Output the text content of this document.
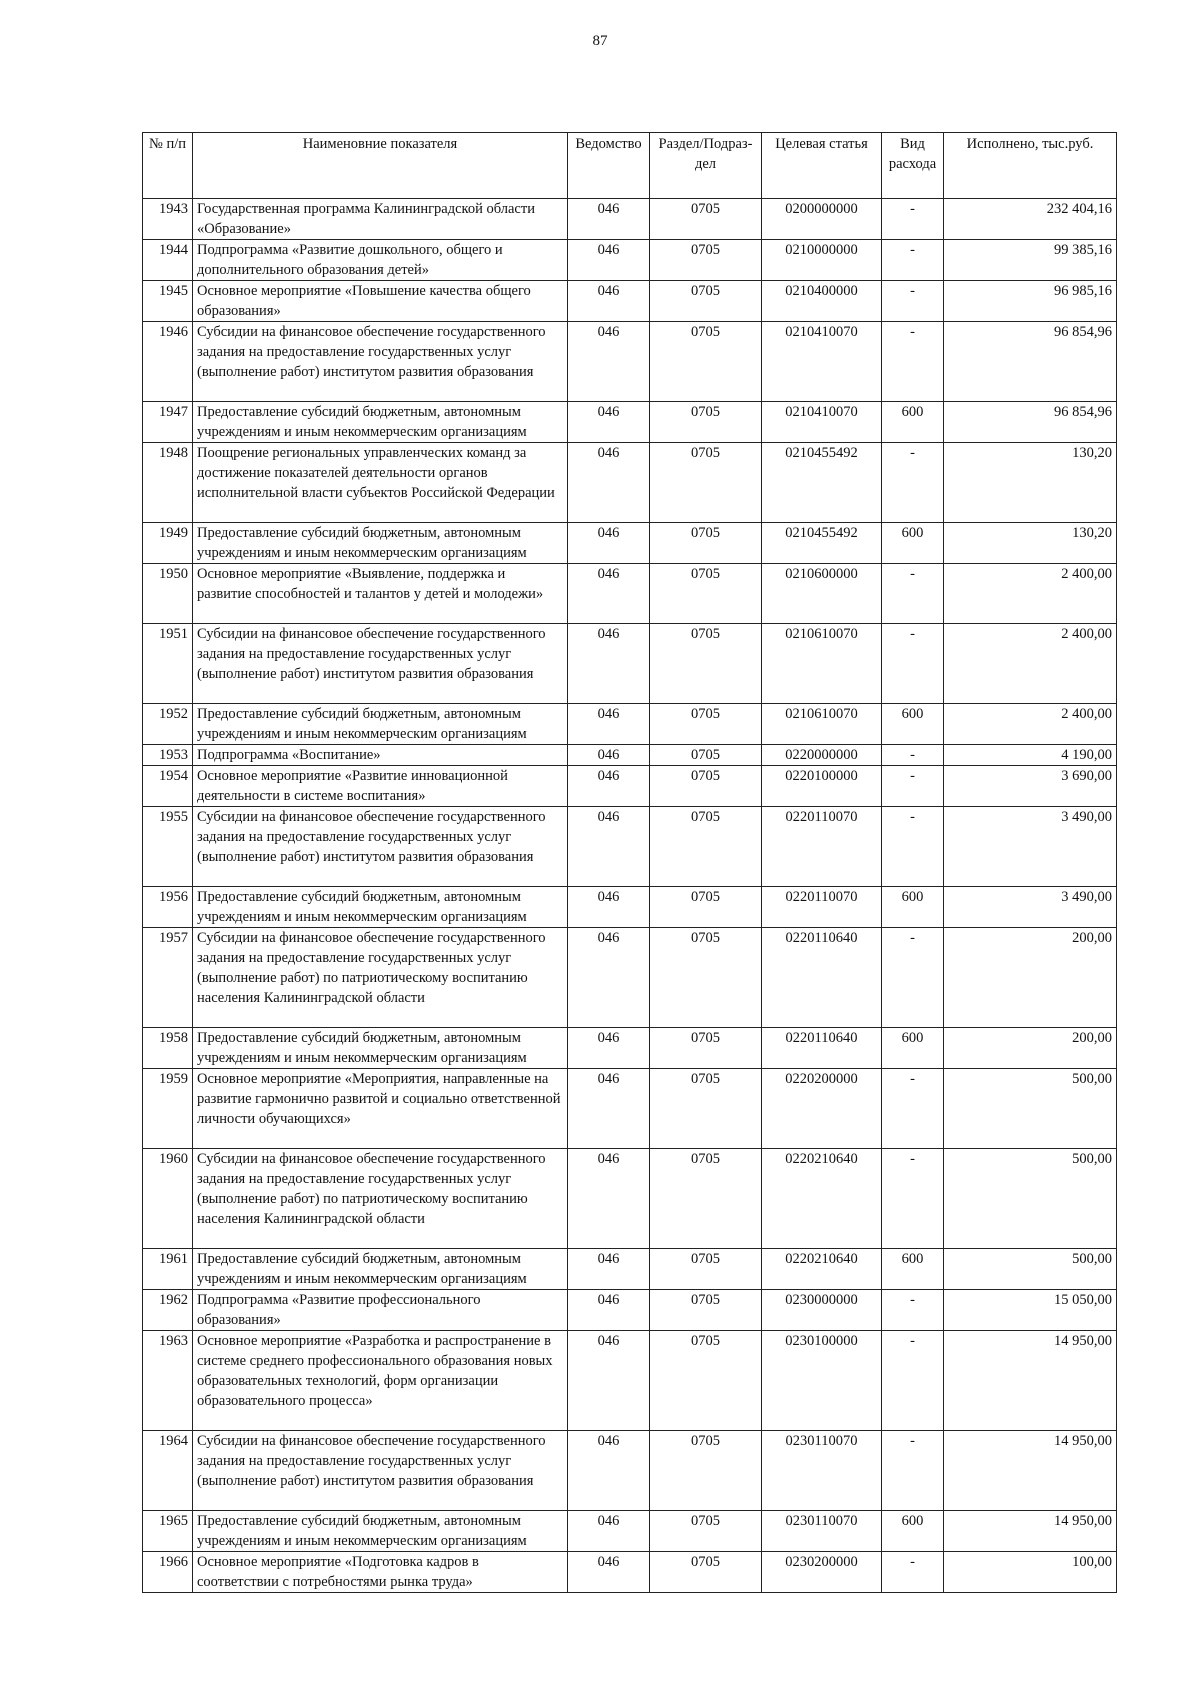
87
№ п/п	Наименовние показателя	Ведомство	Раздел/Подраз-дел	Целевая статья	Вид расхода	Исполнено, тыс.руб.
1943	Государственная программа Калининградской области «Образование»	046	0705	0200000000	-	232 404,16
1944	Подпрограмма «Развитие дошкольного, общего и дополнительного образования детей»	046	0705	0210000000	-	99 385,16
1945	Основное мероприятие «Повышение качества общего образования»	046	0705	0210400000	-	96 985,16
1946	Субсидии на финансовое обеспечение государственного задания на предоставление государственных услуг (выполнение работ) институтом развития образования	046	0705	0210410070	-	96 854,96
1947	Предоставление субсидий бюджетным, автономным учреждениям и иным некоммерческим организациям	046	0705	0210410070	600	96 854,96
1948	Поощрение региональных управленческих команд за достижение показателей деятельности органов исполнительной власти субъектов Российской Федерации	046	0705	0210455492	-	130,20
1949	Предоставление субсидий бюджетным, автономным учреждениям и иным некоммерческим организациям	046	0705	0210455492	600	130,20
1950	Основное мероприятие «Выявление, поддержка и развитие способностей и талантов у детей и молодежи»	046	0705	0210600000	-	2 400,00
1951	Субсидии на финансовое обеспечение государственного задания на предоставление государственных услуг (выполнение работ) институтом развития образования	046	0705	0210610070	-	2 400,00
1952	Предоставление субсидий бюджетным, автономным учреждениям и иным некоммерческим организациям	046	0705	0210610070	600	2 400,00
1953	Подпрограмма «Воспитание»	046	0705	0220000000	-	4 190,00
1954	Основное мероприятие «Развитие инновационной деятельности в системе воспитания»	046	0705	0220100000	-	3 690,00
1955	Субсидии на финансовое обеспечение государственного задания на предоставление государственных услуг (выполнение работ) институтом развития образования	046	0705	0220110070	-	3 490,00
1956	Предоставление субсидий бюджетным, автономным учреждениям и иным некоммерческим организациям	046	0705	0220110070	600	3 490,00
1957	Субсидии на финансовое обеспечение государственного задания на предоставление государственных услуг (выполнение работ) по патриотическому воспитанию населения Калининградской области	046	0705	0220110640	-	200,00
1958	Предоставление субсидий бюджетным, автономным учреждениям и иным некоммерческим организациям	046	0705	0220110640	600	200,00
1959	Основное мероприятие «Мероприятия, направленные на развитие гармонично развитой и социально ответственной личности обучающихся»	046	0705	0220200000	-	500,00
1960	Субсидии на финансовое обеспечение государственного задания на предоставление государственных услуг (выполнение работ) по патриотическому воспитанию населения Калининградской области	046	0705	0220210640	-	500,00
1961	Предоставление субсидий бюджетным, автономным учреждениям и иным некоммерческим организациям	046	0705	0220210640	600	500,00
1962	Подпрограмма «Развитие профессионального образования»	046	0705	0230000000	-	15 050,00
1963	Основное мероприятие «Разработка и распространение в системе среднего профессионального образования новых образовательных технологий, форм организации образовательного процесса»	046	0705	0230100000	-	14 950,00
1964	Субсидии на финансовое обеспечение государственного задания на предоставление государственных услуг (выполнение работ) институтом развития образования	046	0705	0230110070	-	14 950,00
1965	Предоставление субсидий бюджетным, автономным учреждениям и иным некоммерческим организациям	046	0705	0230110070	600	14 950,00
1966	Основное мероприятие «Подготовка кадров в соответствии с потребностями рынка труда»	046	0705	0230200000	-	100,00
